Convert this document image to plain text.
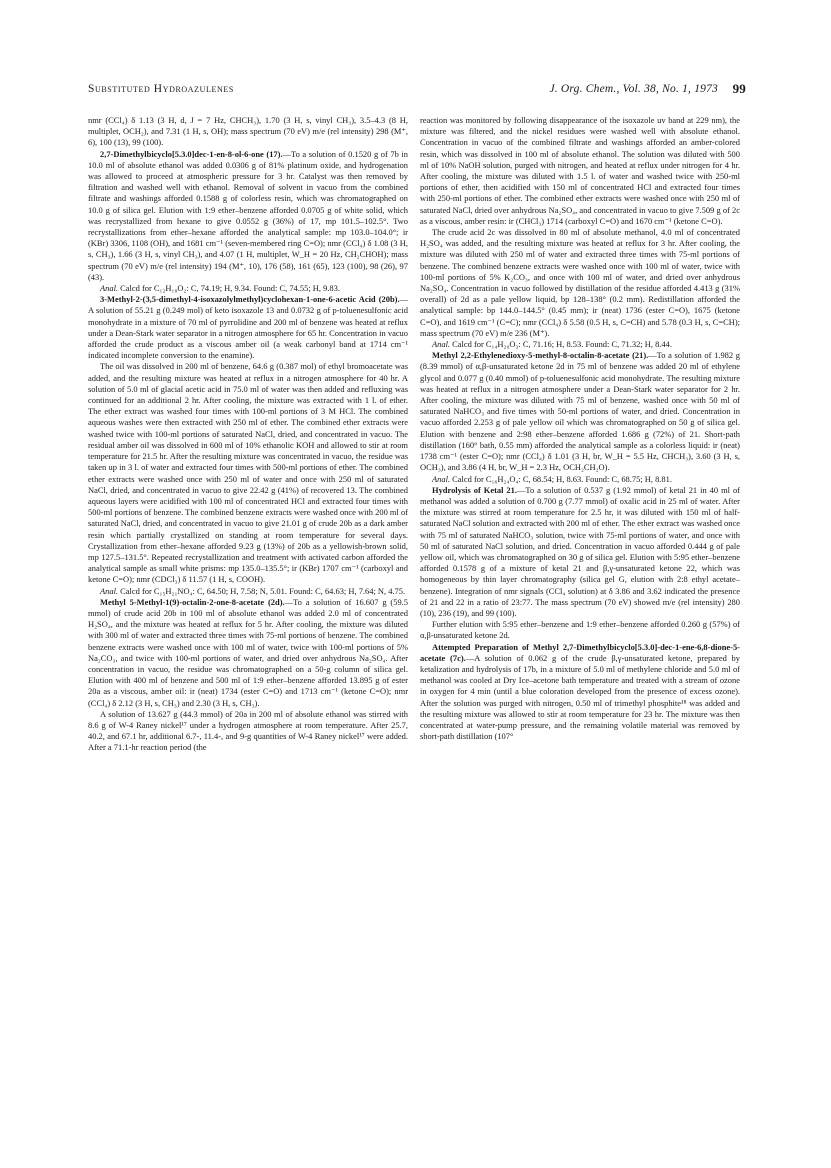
Substituted Hydroazulenes	J. Org. Chem., Vol. 38, No. 1, 1973 99

nmr (CCl₄) δ 1.13 (3 H, d, J = 7 Hz, CHCH₃), 1.70 (3 H, s, vinyl CH₃), 3.5–4.3 (8 H, multiplet, OCH₂), and 7.31 (1 H, s, OH); mass spectrum (70 eV) m/e (rel intensity) 298 (M⁺, 6), 100 (13), 99 (100).

2,7-Dimethylbicyclo[5.3.0]dec-1-en-8-ol-6-one (17).—To a solution of 0.1520 g of 7b in 10.0 ml of absolute ethanol was added 0.0306 g of 81% platinum oxide, and hydrogenation was allowed to proceed at atmospheric pressure for 3 hr. Catalyst was then removed by filtration and washed well with ethanol. Removal of solvent in vacuo from the combined filtrate and washings afforded 0.1588 g of colorless resin, which was chromatographed on 10.0 g of silica gel. Elution with 1:9 ether–benzene afforded 0.0705 g of white solid, which was recrystallized from hexane to give 0.0552 g (36%) of 17, mp 101.5–102.5°. Two recrystallizations from ether–hexane afforded the analytical sample: mp 103.0–104.0°; ir (KBr) 3306, 1108 (OH), and 1681 cm⁻¹ (seven-membered ring C=O); nmr (CCl₄) δ 1.08 (3 H, s, CH₃), 1.66 (3 H, s, vinyl CH₃), and 4.07 (1 H, multiplet, W_H = 20 Hz, CH₂CHOH); mass spectrum (70 eV) m/e (rel intensity) 194 (M⁺, 10), 176 (58), 161 (65), 123 (100), 98 (26), 97 (43).

Anal. Calcd for C₁₂H₁₈O₂: C, 74.19; H, 9.34. Found: C, 74.55; H, 9.83.

3-Methyl-2-(3,5-dimethyl-4-isoxazolylmethyl)cyclohexan-1-one-6-acetic Acid (20b).—A solution of 55.21 g (0.249 mol) of keto isoxazole 13 and 0.0732 g of p-toluenesulfonic acid monohydrate in a mixture of 70 ml of pyrrolidine and 200 ml of benzene was heated at reflux under a Dean-Stark water separator in a nitrogen atmosphere for 65 hr. Concentration in vacuo afforded the crude product as a viscous amber oil (a weak carbonyl band at 1714 cm⁻¹ indicated incomplete conversion to the enamine).

The oil was dissolved in 200 ml of benzene, 64.6 g (0.387 mol) of ethyl bromoacetate was added, and the resulting mixture was heated at reflux in a nitrogen atmosphere for 40 hr. A solution of 5.0 ml of glacial acetic acid in 75.0 ml of water was then added and refluxing was continued for an additional 2 hr. After cooling, the mixture was extracted with 1 l. of ether. The ether extract was washed four times with 100-ml portions of 3 M HCl. The combined aqueous washes were then extracted with 250 ml of ether. The combined ether extracts were washed twice with 100-ml portions of saturated NaCl, dried, and concentrated in vacuo. The residual amber oil was dissolved in 600 ml of 10% ethanolic KOH and allowed to stir at room temperature for 21.5 hr. After the resulting mixture was concentrated in vacuo, the residue was taken up in 3 l. of water and extracted four times with 500-ml portions of ether. The combined ether extracts were washed once with 250 ml of water and once with 250 ml of saturated NaCl, dried, and concentrated in vacuo to give 22.42 g (41%) of recovered 13. The combined aqueous layers were acidified with 100 ml of concentrated HCl and extracted four times with 500-ml portions of benzene. The combined benzene extracts were washed once with 200 ml of saturated NaCl, dried, and concentrated in vacuo to give 21.01 g of crude 20b as a dark amber resin which partially crystallized on standing at room temperature for several days. Crystallization from ether–hexane afforded 9.23 g (13%) of 20b as a yellowish-brown solid, mp 127.5–131.5°. Repeated recrystallization and treatment with activated carbon afforded the analytical sample as small white prisms: mp 135.0–135.5°; ir (KBr) 1707 cm⁻¹ (carboxyl and ketone C=O); nmr (CDCl₃) δ 11.57 (1 H, s, COOH).

Anal. Calcd for C₁₅H₂₁NO₄: C, 64.50; H, 7.58; N, 5.01. Found: C, 64.63; H, 7.64; N, 4.75.

Methyl 5-Methyl-1(9)-octalin-2-one-8-acetate (2d).—To a solution of 16.607 g (59.5 mmol) of crude acid 20b in 100 ml of absolute ethanol was added 2.0 ml of concentrated H₂SO₄, and the mixture was heated at reflux for 5 hr. After cooling, the mixture was diluted with 300 ml of water and extracted three times with 75-ml portions of benzene. The combined benzene extracts were washed once with 100 ml of water, twice with 100-ml portions of 5% Na₂CO₃, and twice with 100-ml portions of water, and dried over anhydrous Na₂SO₄. After concentration in vacuo, the residue was chromatographed on a 50-g column of silica gel. Elution with 400 ml of benzene and 500 ml of 1:9 ether–benzene afforded 13.895 g of ester 20a as a viscous, amber oil: ir (neat) 1734 (ester C=O) and 1713 cm⁻¹ (ketone C=O); nmr (CCl₄) δ 2.12 (3 H, s, CH₃) and 2.30 (3 H, s, CH₃).

A solution of 13.627 g (44.3 mmol) of 20a in 200 ml of absolute ethanol was stirred with 8.6 g of W-4 Raney nickel¹⁷ under a hydrogen atmosphere at room temperature. After 25.7, 40.2, and 67.1 hr, additional 6.7-, 11.4-, and 9-g quantities of W-4 Raney nickel¹⁷ were added. After a 71.1-hr reaction period (the

reaction was monitored by following disappearance of the isoxazole uv band at 229 nm), the mixture was filtered, and the nickel residues were washed well with absolute ethanol. Concentration in vacuo of the combined filtrate and washings afforded an amber-colored resin, which was dissolved in 100 ml of absolute ethanol. The solution was diluted with 500 ml of 10% NaOH solution, purged with nitrogen, and heated at reflux under nitrogen for 4 hr. After cooling, the mixture was diluted with 1.5 l. of water and washed twice with 250-ml portions of ether, then acidified with 150 ml of concentrated HCl and extracted four times with 250-ml portions of ether. The combined ether extracts were washed once with 250 ml of saturated NaCl, dried over anhydrous Na₂SO₄, and concentrated in vacuo to give 7.509 g of 2c as a viscous, amber resin: ir (CHCl₃) 1714 (carboxyl C=O) and 1670 cm⁻¹ (ketone C=O).

The crude acid 2c was dissolved in 80 ml of absolute methanol, 4.0 ml of concentrated H₂SO₄ was added, and the resulting mixture was heated at reflux for 3 hr. After cooling, the mixture was diluted with 250 ml of water and extracted three times with 75-ml portions of benzene. The combined benzene extracts were washed once with 100 ml of water, twice with 100-ml portions of 5% K₂CO₃, and once with 100 ml of water, and dried over anhydrous Na₂SO₄. Concentration in vacuo followed by distillation of the residue afforded 4.413 g (31% overall) of 2d as a pale yellow liquid, bp 128–138° (0.2 mm). Redistillation afforded the analytical sample: bp 144.0–144.5° (0.45 mm); ir (neat) 1736 (ester C=O), 1675 (ketone C=O), and 1619 cm⁻¹ (C=C); nmr (CCl₄) δ 5.58 (0.5 H, s, C=CH) and 5.78 (0.3 H, s, C=CH); mass spectrum (70 eV) m/e 236 (M⁺).

Anal. Calcd for C₁₄H₂₀O₃: C, 71.16; H, 8.53. Found: C, 71.32; H, 8.44.

Methyl 2,2-Ethylenedioxy-5-methyl-8-octalin-8-acetate (21).—To a solution of 1.982 g (8.39 mmol) of α,β-unsaturated ketone 2d in 75 ml of benzene was added 20 ml of ethylene glycol and 0.077 g (0.40 mmol) of p-toluenesulfonic acid monohydrate. The resulting mixture was heated at reflux in a nitrogen atmosphere under a Dean-Stark water separator for 2 hr. After cooling, the mixture was diluted with 75 ml of benzene, washed once with 50 ml of saturated NaHCO₃ and five times with 50-ml portions of water, and dried. Concentration in vacuo afforded 2.253 g of pale yellow oil which was chromatographed on 50 g of silica gel. Elution with benzene and 2:98 ether–benzene afforded 1.686 g (72%) of 21. Short-path distillation (160° bath, 0.55 mm) afforded the analytical sample as a colorless liquid: ir (neat) 1738 cm⁻¹ (ester C=O); nmr (CCl₄) δ 1.01 (3 H, br, W_H = 5.5 Hz, CHCH₃), 3.60 (3 H, s, OCH₃), and 3.86 (4 H, br, W_H = 2.3 Hz, OCH₂CH₂O).

Anal. Calcd for C₁₆H₂₄O₄: C, 68.54; H, 8.63. Found: C, 68.75; H, 8.81.

Hydrolysis of Ketal 21.—To a solution of 0.537 g (1.92 mmol) of ketal 21 in 40 ml of methanol was added a solution of 0.700 g (7.77 mmol) of oxalic acid in 25 ml of water. After the mixture was stirred at room temperature for 2.5 hr, it was diluted with 150 ml of half-saturated NaCl solution and extracted with 200 ml of ether. The ether extract was washed once with 75 ml of saturated NaHCO₃ solution, twice with 75-ml portions of water, and once with 50 ml of saturated NaCl solution, and dried. Concentration in vacuo afforded 0.444 g of pale yellow oil, which was chromatographed on 30 g of silica gel. Elution with 5:95 ether–benzene afforded 0.1578 g of a mixture of ketal 21 and β,γ-unsaturated ketone 22, which was homogeneous by thin layer chromatography (silica gel G, elution with 2:8 ethyl acetate–benzene). Integration of nmr signals (CCl₄ solution) at δ 3.86 and 3.62 indicated the presence of 21 and 22 in a ratio of 23:77. The mass spectrum (70 eV) showed m/e (rel intensity) 280 (10), 236 (19), and 99 (100).

Further elution with 5:95 ether–benzene and 1:9 ether–benzene afforded 0.260 g (57%) of α,β-unsaturated ketone 2d.

Attempted Preparation of Methyl 2,7-Dimethylbicyclo[5.3.0]-dec-1-ene-6,8-dione-5-acetate (7c).—A solution of 0.062 g of the crude β,γ-unsaturated ketone, prepared by ketalization and hydrolysis of 17b, in a mixture of 5.0 ml of methylene chloride and 5.0 ml of methanol was cooled at Dry Ice–acetone bath temperature and treated with a stream of ozone in oxygen for 4 min (until a blue coloration developed from the presence of excess ozone). After the solution was purged with nitrogen, 0.50 ml of trimethyl phosphite¹⁸ was added and the resulting mixture was allowed to stir at room temperature for 23 hr. The mixture was then concentrated at water-pump pressure, and the remaining volatile material was removed by short-path distillation (107°
